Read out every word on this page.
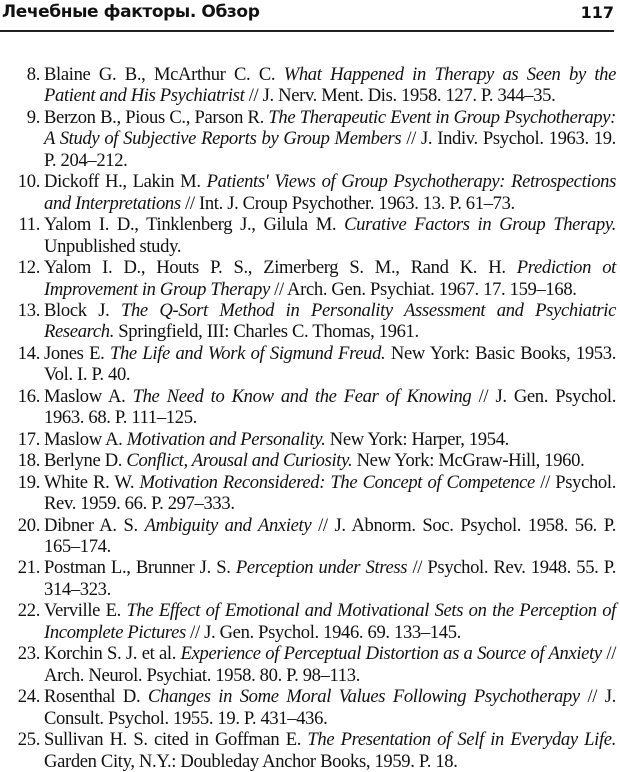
Лечебные факторы. Обзор	117
8. Blaine G. B., McArthur C. C. What Happened in Therapy as Seen by the Patient and His Psychiatrist // J. Nerv. Ment. Dis. 1958. 127. P. 344–35.
9. Berzon B., Pious C., Parson R. The Therapeutic Event in Group Psychotherapy: A Study of Subjective Reports by Group Members // J. Indiv. Psychol. 1963. 19. P. 204–212.
10. Dickoff H., Lakin M. Patients' Views of Group Psychotherapy: Retrospections and Interpretations // Int. J. Croup Psychother. 1963. 13. P. 61–73.
11. Yalom I. D., Tinklenberg J., Gilula M. Curative Factors in Group Therapy. Unpublished study.
12. Yalom I. D., Houts P. S., Zimerberg S. M., Rand K. H. Prediction ot Improvement in Group Therapy // Arch. Gen. Psychiat. 1967. 17. 159–168.
13. Block J. The Q-Sort Method in Personality Assessment and Psychiatric Research. Springfield, III: Charles C. Thomas, 1961.
14. Jones E. The Life and Work of Sigmund Freud. New York: Basic Books, 1953. Vol. I. P. 40.
16. Maslow A. The Need to Know and the Fear of Knowing // J. Gen. Psychol. 1963. 68. P. 111–125.
17. Maslow A. Motivation and Personality. New York: Harper, 1954.
18. Berlyne D. Conflict, Arousal and Curiosity. New York: McGraw-Hill, 1960.
19. White R. W. Motivation Reconsidered: The Concept of Competence // Psychol. Rev. 1959. 66. P. 297–333.
20. Dibner A. S. Ambiguity and Anxiety // J. Abnorm. Soc. Psychol. 1958. 56. P. 165–174.
21. Postman L., Brunner J. S. Perception under Stress // Psychol. Rev. 1948. 55. P. 314–323.
22. Verville E. The Effect of Emotional and Motivational Sets on the Perception of Incomplete Pictures // J. Gen. Psychol. 1946. 69. 133–145.
23. Korchin S. J. et al. Experience of Perceptual Distortion as a Source of Anxiety // Arch. Neurol. Psychiat. 1958. 80. P. 98–113.
24. Rosenthal D. Changes in Some Moral Values Following Psychotherapy // J. Consult. Psychol. 1955. 19. P. 431–436.
25. Sullivan H. S. cited in Goffman E. The Presentation of Self in Everyday Life. Garden City, N.Y.: Doubleday Anchor Books, 1959. P. 18.
